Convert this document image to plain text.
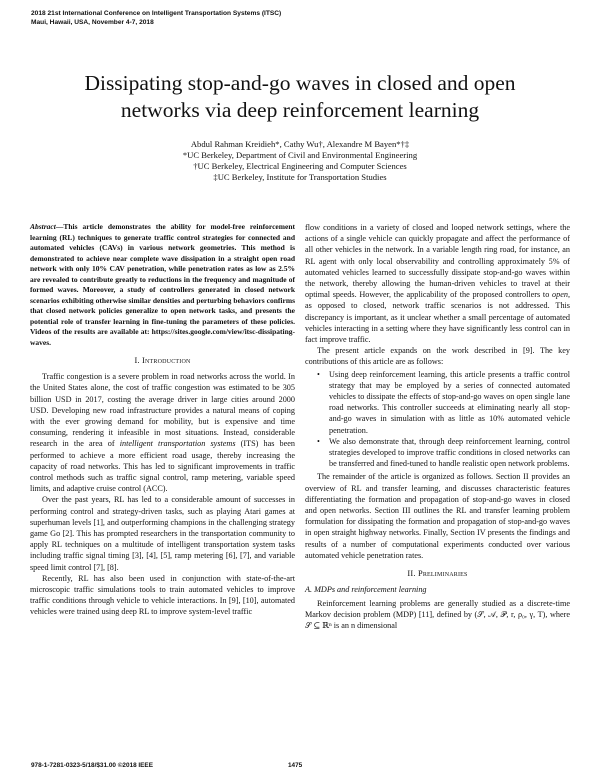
2018 21st International Conference on Intelligent Transportation Systems (ITSC)
Maui, Hawaii, USA, November 4-7, 2018
Dissipating stop-and-go waves in closed and open
networks via deep reinforcement learning
Abdul Rahman Kreidieh*, Cathy Wu†, Alexandre M Bayen*†‡
*UC Berkeley, Department of Civil and Environmental Engineering
†UC Berkeley, Electrical Engineering and Computer Sciences
‡UC Berkeley, Institute for Transportation Studies
Abstract—This article demonstrates the ability for model-free reinforcement learning (RL) techniques to generate traffic control strategies for connected and automated vehicles (CAVs) in various network geometries. This method is demonstrated to achieve near complete wave dissipation in a straight open road network with only 10% CAV penetration, while penetration rates as low as 2.5% are revealed to contribute greatly to reductions in the frequency and magnitude of formed waves. Moreover, a study of controllers generated in closed network scenarios exhibiting otherwise similar densities and perturbing behaviors confirms that closed network policies generalize to open network tasks, and presents the potential role of transfer learning in fine-tuning the parameters of these policies. Videos of the results are available at: https://sites.google.com/view/itsc-dissipating-waves.
I. Introduction

Traffic congestion is a severe problem in road networks across the world. In the United States alone, the cost of traffic congestion was estimated to be 305 billion USD in 2017, costing the average driver in large cities around 2000 USD. Developing new road infrastructure provides a natural means of coping with the ever growing demand for mobility, but is expensive and time consuming, rendering it infeasible in most situations. Instead, considerable research in the area of intelligent transportation systems (ITS) has been performed to achieve a more efficient road usage, thereby increasing the capacity of road networks. This has led to significant improvements in traffic control methods such as traffic signal control, ramp metering, variable speed limits, and adaptive cruise control (ACC).

Over the past years, RL has led to a considerable amount of successes in performing control and strategy-driven tasks, such as playing Atari games at superhuman levels [1], and outperforming champions in the challenging strategy game Go [2]. This has prompted researchers in the transportation community to apply RL techniques on a multitude of intelligent transportation system tasks including traffic signal timing [3], [4], [5], ramp metering [6], [7], and variable speed limit control [7], [8].

Recently, RL has also been used in conjunction with state-of-the-art microscopic traffic simulations tools to train automated vehicles to improve traffic conditions through vehicle to vehicle interactions. In [9], [10], automated vehicles were trained using deep RL to improve system-level traffic

flow conditions in a variety of closed and looped network settings, where the actions of a single vehicle can quickly propagate and affect the performance of all other vehicles in the network. In a variable length ring road, for instance, an RL agent with only local observability and controlling approximately 5% of automated vehicles learned to successfully dissipate stop-and-go waves within the network, thereby allowing the human-driven vehicles to travel at their optimal speeds. However, the applicability of the proposed controllers to open, as opposed to closed, network traffic scenarios is not addressed. This discrepancy is important, as it unclear whether a small percentage of automated vehicles interacting in a setting where they have significantly less control can in fact improve traffic.

The present article expands on the work described in [9]. The key contributions of this article are as follows:

• Using deep reinforcement learning, this article presents a traffic control strategy that may be employed by a series of connected automated vehicles to dissipate the effects of stop-and-go waves on open single lane road networks. This controller succeeds at eliminating nearly all stop-and-go waves in simulation with as little as 10% automated vehicle penetration.
• We also demonstrate that, through deep reinforcement learning, control strategies developed to improve traffic conditions in closed networks can be transferred and fined-tuned to handle realistic open network problems.

The remainder of the article is organized as follows. Section II provides an overview of RL and transfer learning, and discusses characteristic features differentiating the formation and propagation of stop-and-go waves in closed and open networks. Section III outlines the RL and transfer learning problem formulation for dissipating the formation and propagation of stop-and-go waves in open straight highway networks. Finally, Section IV presents the findings and results of a number of computational experiments conducted over various automated vehicle penetration rates.

II. Preliminaries
A. MDPs and reinforcement learning

Reinforcement learning problems are generally studied as a discrete-time Markov decision problem (MDP) [11], defined by (𝒮, 𝒜, 𝒫, r, ρ₀, γ, T), where 𝒮 ⊆ ℝⁿ is an n dimensional

978-1-7281-0323-5/18/$31.00 ©2018 IEEE	1475
